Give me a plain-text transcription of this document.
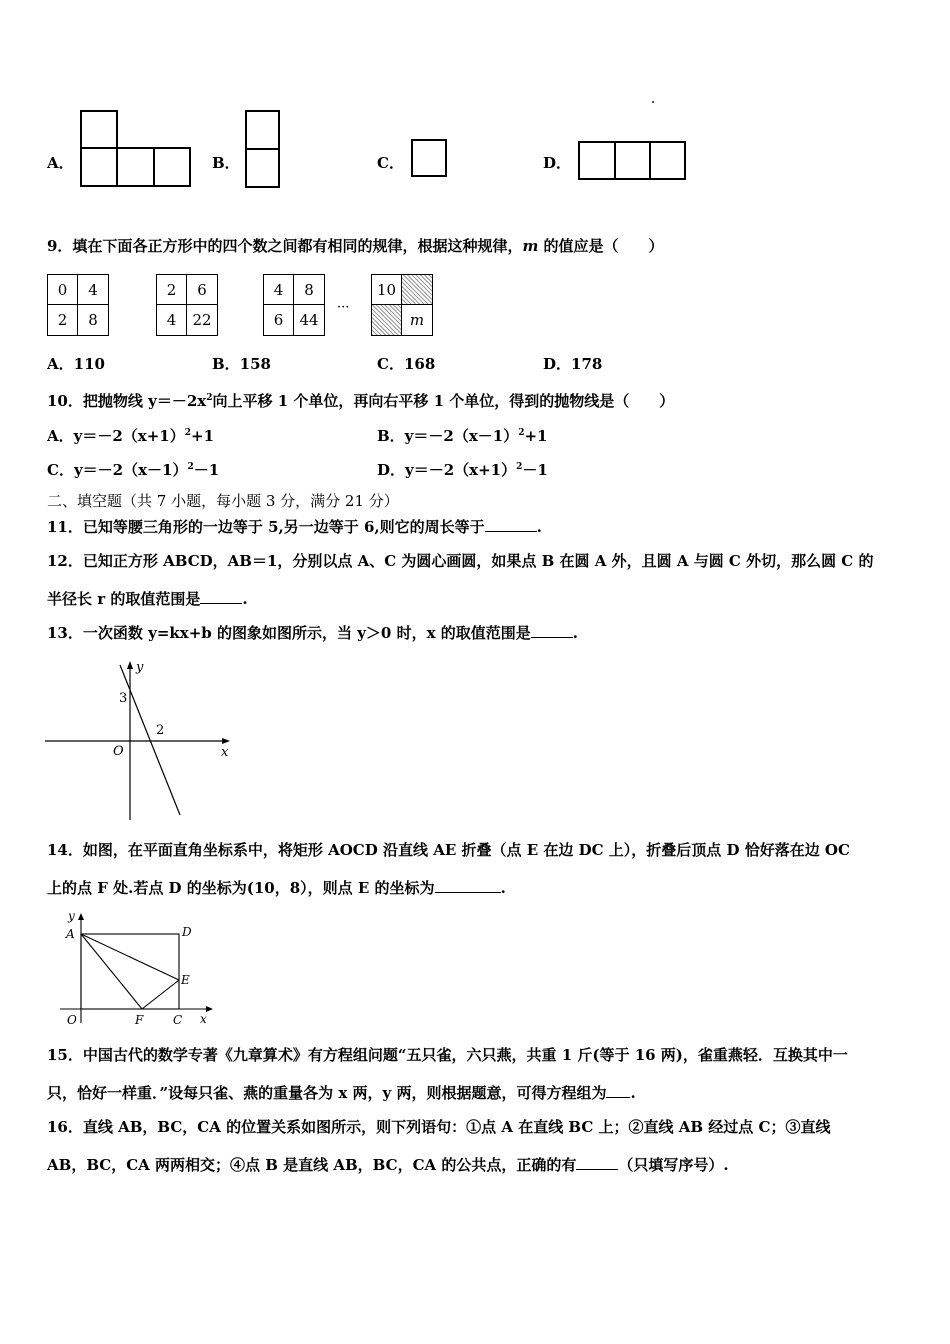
A．	B．	C．	D．
9．填在下面各正方形中的四个数之间都有相同的规律，根据这种规律，m 的值应是（　　）
0	4
2	8
2	6
4	22
4	8
6	44
···
10
m
A．110	B．158	C．168	D．178
10．把抛物线 $y=-2x^2$向上平移 1 个单位，再向右平移 1 个单位，得到的抛物线是（　　）
A．$y=-2(x+1)^2+1$	B．$y=-2(x-1)^2+1$
C．$y=-2(x-1)^2-1$	D．$y=-2(x+1)^2-1$
二、填空题（共 7 小题，每小题 3 分，满分 21 分）
11．已知等腰三角形的一边等于 5,另一边等于 6,则它的周长等于	.
12．已知正方形 ABCD，AB＝1，分别以点 A、C 为圆心画圆，如果点 B 在圆 A 外，且圆 A 与圆 C 外切，那么圆 C 的
半径长 r 的取值范围是	.
13．一次函数 y=kx+b 的图象如图所示，当 y＞0 时，x 的取值范围是	.
y
x
O
3
2
14．如图，在平面直角坐标系中，将矩形 AOCD 沿直线 AE 折叠（点 E 在边 DC 上），折叠后顶点 D 恰好落在边 OC
上的点 F 处.若点 D 的坐标为(10，8），则点 E 的坐标为	.
y
A	D
E
O	F C x
15．中国古代的数学专著《九章算术》有方程组问题“五只雀，六只燕，共重 1 斤(等于 16 两)，雀重燕轻．互换其中一
只，恰好一样重．”设每只雀、燕的重量各为 x 两，y 两，则根据题意，可得方程组为 .
16．直线 AB，BC，CA 的位置关系如图所示，则下列语句：①点 A 在直线 BC 上；②直线 AB 经过点 C；③直线
AB，BC，CA 两两相交；④点 B 是直线 AB，BC，CA 的公共点，正确的有	（只填写序号）.
